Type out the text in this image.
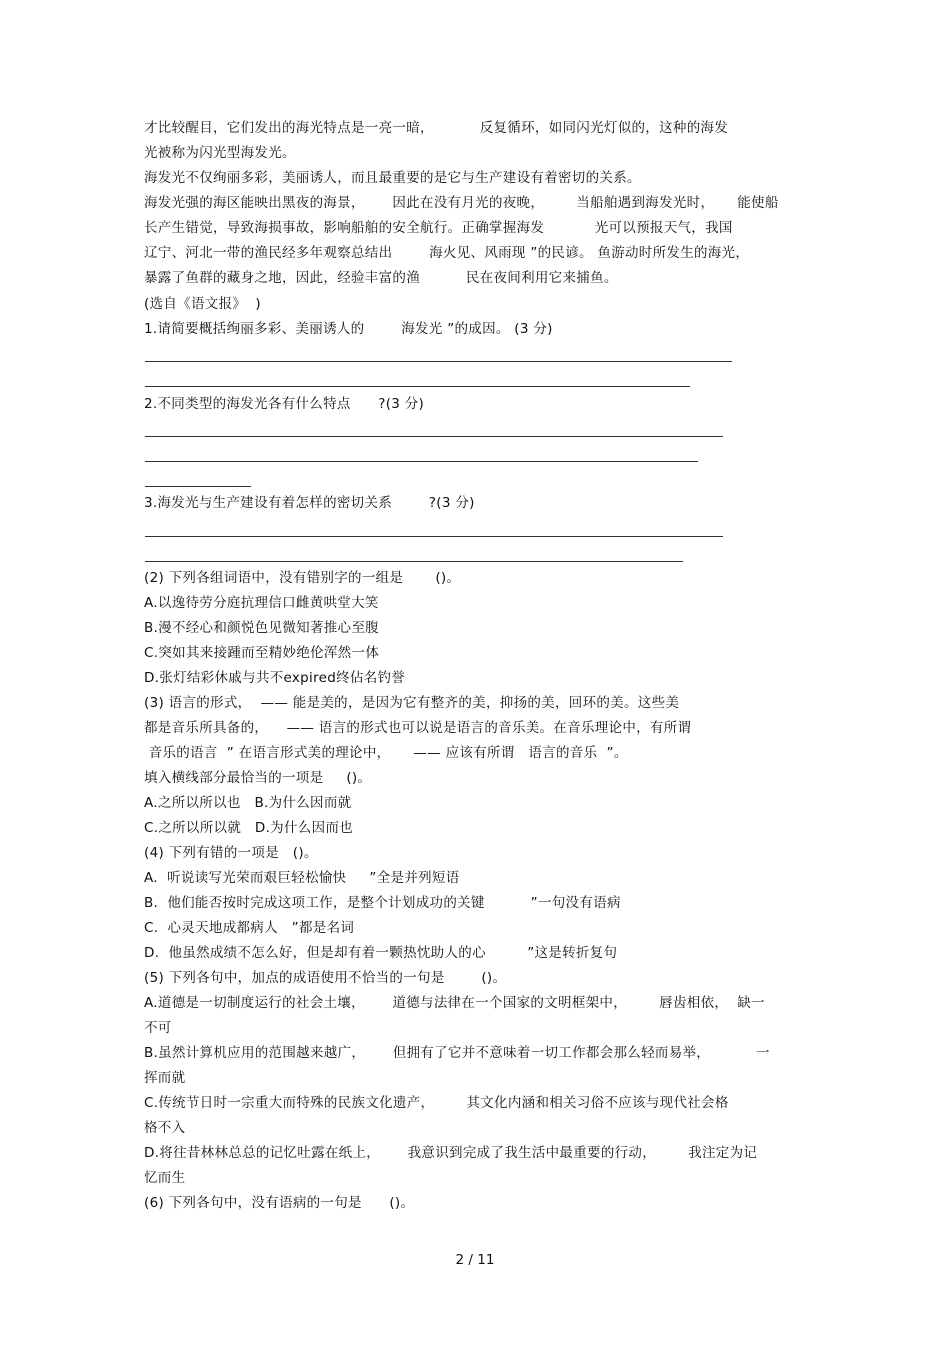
才比较醒目，它们发出的海光特点是一亮一暗，          反复循环，如同闪光灯似的，这种的海发
光被称为闪光型海发光。
海发光不仅绚丽多彩，美丽诱人，而且最重要的是它与生产建设有着密切的关系。
海发光强的海区能映出黑夜的海景，      因此在没有月光的夜晚，       当船舶遇到海发光时，     能使船
长产生错觉，导致海损事故，影响船舶的安全航行。正确掌握海发           光可以预报天气，我国
辽宁、河北一带的渔民经多年观察总结出        海火见、风雨现 ”的民谚。 鱼游动时所发生的海光，
暴露了鱼群的藏身之地，因此，经验丰富的渔          民在夜间利用它来捕鱼。
(选自《语文报》  )
1.请简要概括绚丽多彩、美丽诱人的        海发光 ”的成因。 (3 分)
2.不同类型的海发光各有什么特点      ?(3 分)
3.海发光与生产建设有着怎样的密切关系        ?(3 分)
(2) 下列各组词语中，没有错别字的一组是       ()。
A.以逸待劳分庭抗理信口雌黄哄堂大笑
B.漫不经心和颜悦色见微知著推心至腹
C.突如其来接踵而至精妙绝伦浑然一体
D.张灯结彩休戚与共不expired终佔名钓誉
(3) 语言的形式，  —— 能是美的，是因为它有整齐的美，抑扬的美，回环的美。这些美
都是音乐所具备的，    —— 语言的形式也可以说是语言的音乐美。在音乐理论中，有所谓
音乐的语言  ” 在语言形式美的理论中，     —— 应该有所谓   语言的音乐  ”。
填入横线部分最恰当的一项是     ()。
A.之所以所以也   B.为什么因而就
C.之所以所以就   D.为什么因而也
(4) 下列有错的一项是   ()。
A.  听说读写光荣而艰巨轻松愉快     ”全是并列短语
B.  他们能否按时完成这项工作，是整个计划成功的关键          ”一句没有语病
C.  心灵天地成都病人   ”都是名词
D.  他虽然成绩不怎么好，但是却有着一颗热忱助人的心         ”这是转折复句
(5) 下列各句中，加点的成语使用不恰当的一句是        ()。
A.道德是一切制度运行的社会土壤，      道德与法律在一个国家的文明框架中，       唇齿相依，  缺一
不可
B.虽然计算机应用的范围越来越广，      但拥有了它并不意味着一切工作都会那么轻而易举，          一
挥而就
C.传统节日时一宗重大而特殊的民族文化遗产，       其文化内涵和相关习俗不应该与现代社会格
格不入
D.将往昔林林总总的记忆吐露在纸上，      我意识到完成了我生活中最重要的行动，       我注定为记
忆而生
(6) 下列各句中，没有语病的一句是      ()。
2 / 11
